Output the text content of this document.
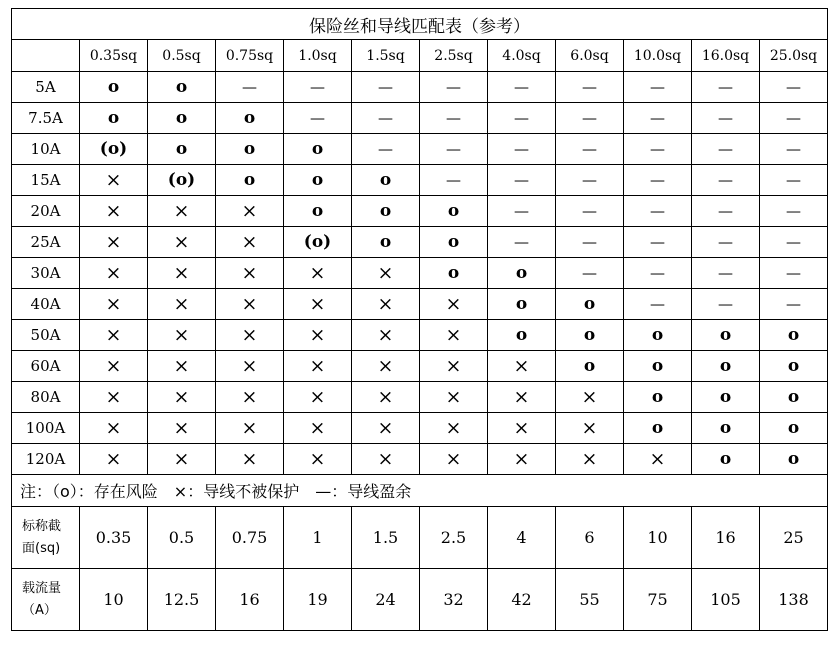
保险丝和导线匹配表（参考）											
	0.35sq	0.5sq	0.75sq	1.0sq	1.5sq	2.5sq	4.0sq	6.0sq	10.0sq	16.0sq	25.0sq
5A	o	o	—	—	—	—	—	—	—	—	—
7.5A	o	o	o	—	—	—	—	—	—	—	—
10A	(o)	o	o	o	—	—	—	—	—	—	—
15A	×	(o)	o	o	o	—	—	—	—	—	—
20A	×	×	×	o	o	o	—	—	—	—	—
25A	×	×	×	(o)	o	o	—	—	—	—	—
30A	×	×	×	×	×	o	o	—	—	—	—
40A	×	×	×	×	×	×	o	o	—	—	—
50A	×	×	×	×	×	×	o	o	o	o	o
60A	×	×	×	×	×	×	×	o	o	o	o
80A	×	×	×	×	×	×	×	×	o	o	o
100A	×	×	×	×	×	×	×	×	o	o	o
120A	×	×	×	×	×	×	×	×	×	o	o
注：（o）：存在风险　×：导线不被保护　—：导线盈余											

标称截
面(sq)	0.35	0.5	0.75	1	1.5	2.5	4	6	10	16	25

载流量
（A）	10	12.5	16	19	24	32	42	55	75	105	138
